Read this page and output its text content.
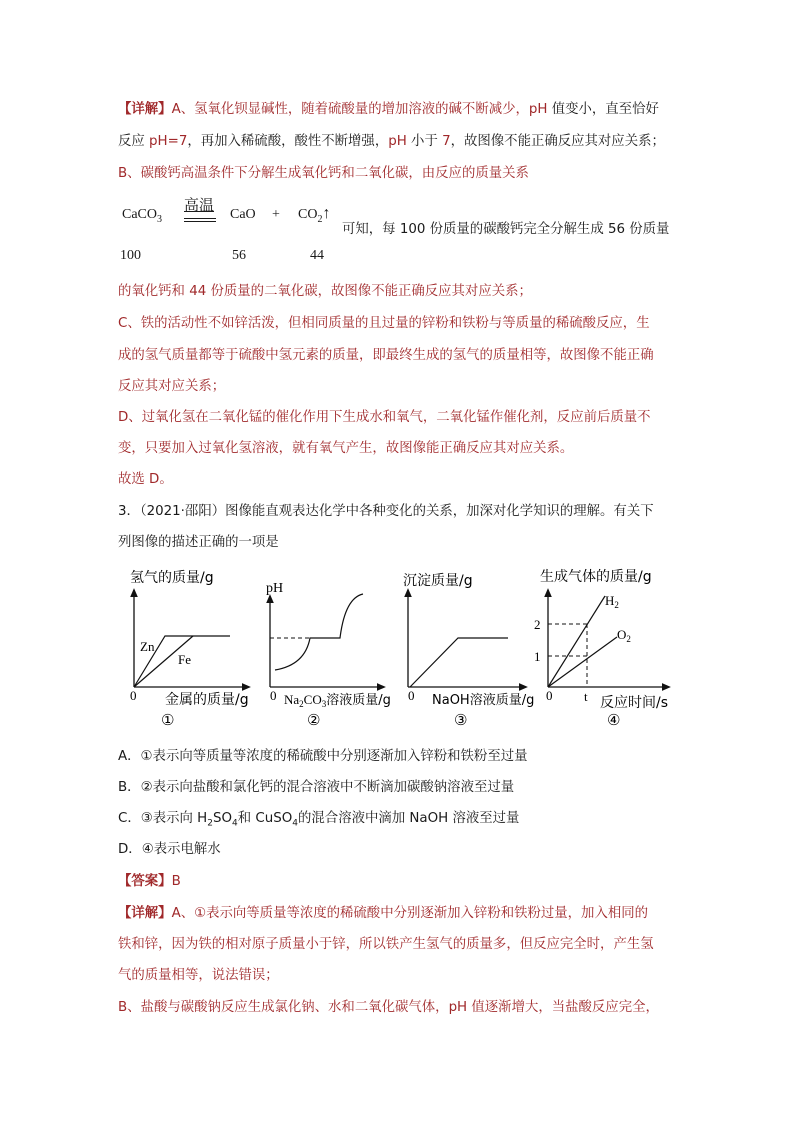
【详解】A、氢氧化钡显碱性，随着硫酸量的增加溶液的碱不断减少，pH 值变小，直至恰好
反应 pH=7，再加入稀硫酸，酸性不断增强，pH 小于 7，故图像不能正确反应其对应关系；
B、碳酸钙高温条件下分解生成氧化钙和二氧化碳，由反应的质量关系
CaCO$_3$
高温
CaO + $CO_2↑$
可知，每 100 份质量的碳酸钙完全分解生成 56 份质量
100	56	44
的氧化钙和 44 份质量的二氧化碳，故图像不能正确反应其对应关系；
C、铁的活动性不如锌活泼，但相同质量的且过量的锌粉和铁粉与等质量的稀硫酸反应，生
成的氢气质量都等于硫酸中氢元素的质量，即最终生成的氢气的质量相等，故图像不能正确
反应其对应关系；
D、过氧化氢在二氧化锰的催化作用下生成水和氧气，二氧化锰作催化剂，反应前后质量不
变，只要加入过氧化氢溶液，就有氧气产生，故图像能正确反应其对应关系。
故选 D。
3．（2021·邵阳）图像能直观表达化学中各种变化的关系，加深对化学知识的理解。有关下
列图像的描述正确的一项是
氢气的质量/g
Zn
Fe
0 金属的质量/g
①
pH
0 $Na_2CO_3$溶液质量/g
②
沉淀质量/g
0 NaOH溶液质量/g
③
生成气体的质量/g
2
1
t
$H_2$
$O_2$
0	反应时间/s
④
A．①表示向等质量等浓度的稀硫酸中分别逐渐加入锌粉和铁粉至过量
B．②表示向盐酸和氯化钙的混合溶液中不断滴加碳酸钠溶液至过量
C．③表示向 $H_2SO_4$和 CuSO$_4$的混合溶液中滴加 NaOH 溶液至过量
D．④表示电解水
【答案】B
【详解】A、①表示向等质量等浓度的稀硫酸中分别逐渐加入锌粉和铁粉过量，加入相同的
铁和锌，因为铁的相对原子质量小于锌，所以铁产生氢气的质量多，但反应完全时，产生氢
气的质量相等，说法错误；
B、盐酸与碳酸钠反应生成氯化钠、水和二氧化碳气体，pH 值逐渐增大，当盐酸反应完全，
